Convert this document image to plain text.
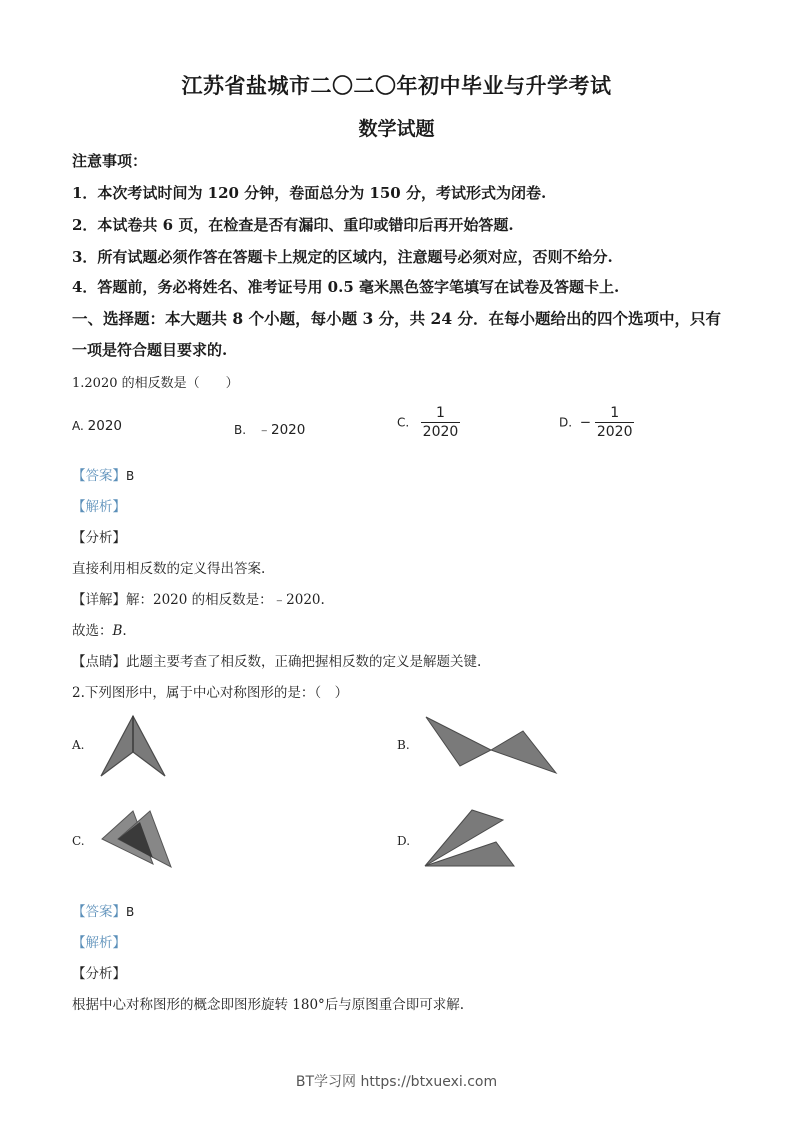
江苏省盐城市二〇二〇年初中毕业与升学考试
数学试题
注意事项：
1．本次考试时间为 120 分钟，卷面总分为 150 分，考试形式为闭卷.
2．本试卷共 6 页，在检查是否有漏印、重印或错印后再开始答题.
3．所有试题必须作答在答题卡上规定的区域内，注意题号必须对应，否则不给分.
4．答题前，务必将姓名、准考证号用 0.5 毫米黑色签字笔填写在试卷及答题卡上.
一、选择题：本大题共 8 个小题，每小题 3 分，共 24 分．在每小题给出的四个选项中，只有
一项是符合题目要求的.
1.2020 的相反数是（　　）
A. 2020	B. ﹣2020	C. $\frac{1}{2020}$	D. − $\frac{1}{2020}$
【答案】B
【解析】
【分析】
直接利用相反数的定义得出答案.
【详解】解：2020 的相反数是：﹣2020.
故选：B.
【点睛】此题主要考查了相反数，正确把握相反数的定义是解题关键.
2.下列图形中，属于中心对称图形的是：（　）
A.	B.
C.	D.
【答案】B
【解析】
【分析】
根据中心对称图形的概念即图形旋转 180°后与原图重合即可求解.
BT学习网 https://btxuexi.com
